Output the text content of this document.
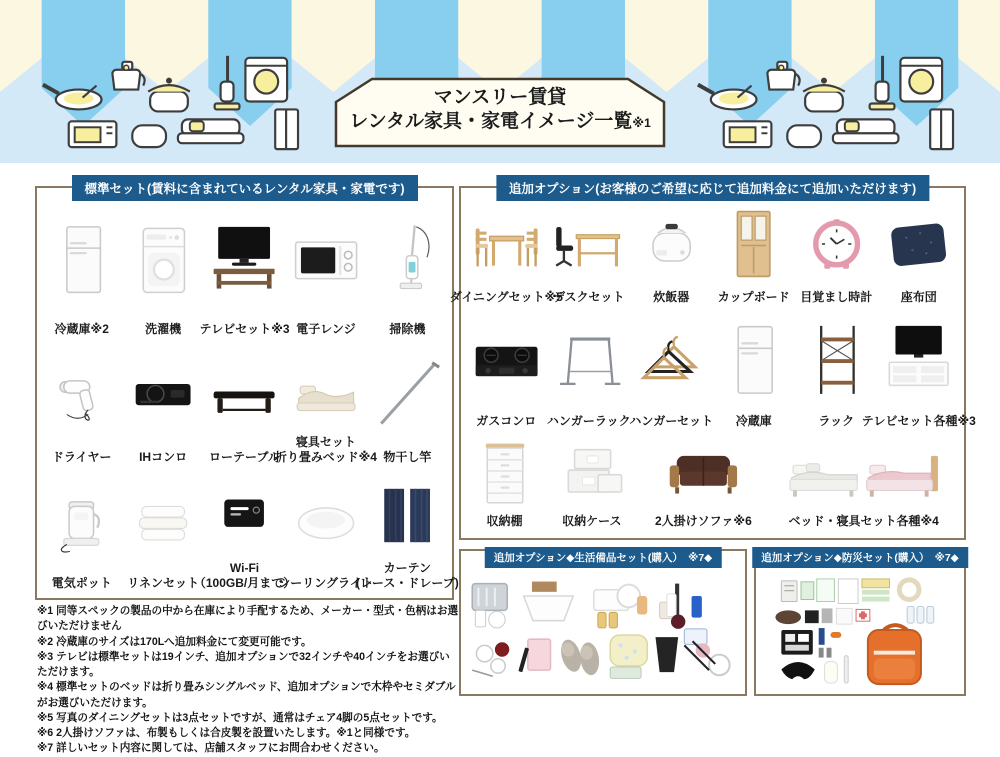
マンスリー賃貸
レンタル家具・家電イメージ一覧※1
標準セット(賃料に含まれているレンタル家具・家電です)
冷蔵庫※2	洗濯機 テレビセット※3 電子レンジ	掃除機
ドライヤー IHコンロ ローテーブル
寝具セット
折り畳みベッド※4 物干し竿
電気ポット リネンセット
Wi-Fi
（100GB/月まで）
シーリングライト
カーテン
(レース・ドレープ)
追加オプション(お客様のご希望に応じて追加料金にて追加いただけます)
ダイニングセット※5
デスクセット 炊飯器 カップボード 目覚まし時計 座布団
ガスコンロ ハンガーラック
ハンガーセット 冷蔵庫	ラック テレビセット各種※3
収納棚	収納ケース	2人掛けソファ※6	ベッド・寝具セット各種※4
※1 同等スペックの製品の中から在庫により手配するため、メーカー・型式・色柄はお選びいただけません
※2 冷蔵庫のサイズは170Lへ追加料金にて変更可能です。
※3 テレビは標準セットは19インチ、追加オプションで32インチや40インチをお選びいただけます。
※4 標準セットのベッドは折り畳みシングルベッド、追加オプションで木枠やセミダブルがお選びいただけます。
※5 写真のダイニングセットは3点セットですが、通常はチェア4脚の5点セットです。
※6 2人掛けソファは、布製もしくは合皮製を設置いたします。※1と同様です。
※7 詳しいセット内容に関しては、店舗スタッフにお問合わせください。
追加オプション◆生活備品セット(購入）　※7◆	追加オプション◆防災セット(購入）　※7◆
